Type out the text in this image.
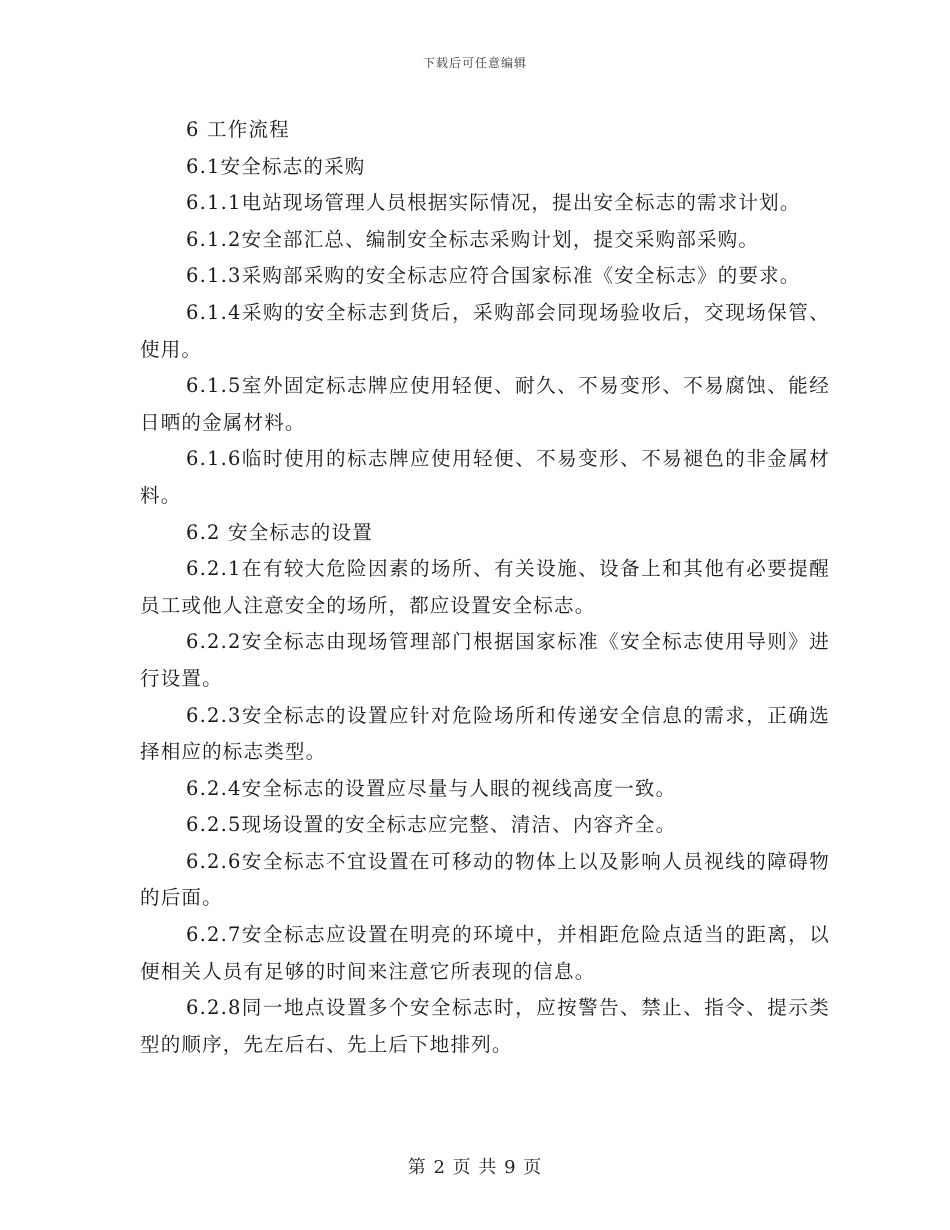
下载后可任意编辑

6 工作流程

6.1安全标志的采购

6.1.1电站现场管理人员根据实际情况，提出安全标志的需求计划。

6.1.2安全部汇总、编制安全标志采购计划，提交采购部采购。

6.1.3采购部采购的安全标志应符合国家标准《安全标志》的要求。

6.1.4采购的安全标志到货后，采购部会同现场验收后，交现场保管、使用。

6.1.5室外固定标志牌应使用轻便、耐久、不易变形、不易腐蚀、能经日晒的金属材料。

6.1.6临时使用的标志牌应使用轻便、不易变形、不易褪色的非金属材料。

6.2 安全标志的设置

6.2.1在有较大危险因素的场所、有关设施、设备上和其他有必要提醒员工或他人注意安全的场所，都应设置安全标志。

6.2.2安全标志由现场管理部门根据国家标准《安全标志使用导则》进行设置。

6.2.3安全标志的设置应针对危险场所和传递安全信息的需求，正确选择相应的标志类型。

6.2.4安全标志的设置应尽量与人眼的视线高度一致。

6.2.5现场设置的安全标志应完整、清洁、内容齐全。

6.2.6安全标志不宜设置在可移动的物体上以及影响人员视线的障碍物的后面。

6.2.7安全标志应设置在明亮的环境中，并相距危险点适当的距离，以便相关人员有足够的时间来注意它所表现的信息。

6.2.8同一地点设置多个安全标志时，应按警告、禁止、指令、提示类型的顺序，先左后右、先上后下地排列。

第 2 页 共 9 页
